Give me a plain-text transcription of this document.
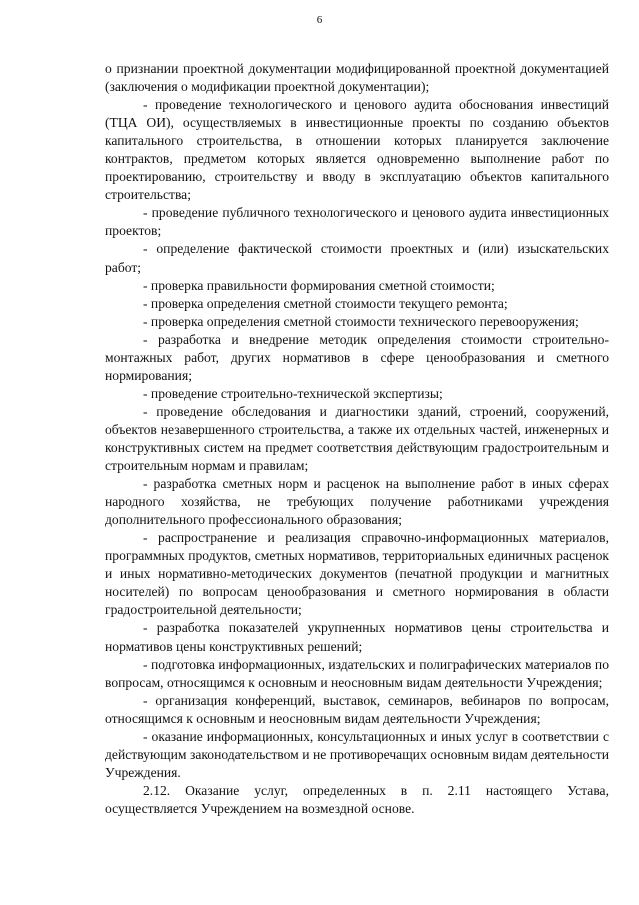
6

о признании проектной документации модифицированной проектной документацией (заключения о модификации проектной документации);

- проведение технологического и ценового аудита обоснования инвестиций (ТЦА ОИ), осуществляемых в инвестиционные проекты по созданию объектов капитального строительства, в отношении которых планируется заключение контрактов, предметом которых является одновременно выполнение работ по проектированию, строительству и вводу в эксплуатацию объектов капитального строительства;

- проведение публичного технологического и ценового аудита инвестиционных проектов;

- определение фактической стоимости проектных и (или) изыскательских работ;

- проверка правильности формирования сметной стоимости;

- проверка определения сметной стоимости текущего ремонта;

- проверка определения сметной стоимости технического перевооружения;

- разработка и внедрение методик определения стоимости строительно-монтажных работ, других нормативов в сфере ценообразования и сметного нормирования;

- проведение строительно-технической экспертизы;

- проведение обследования и диагностики зданий, строений, сооружений, объектов незавершенного строительства, а также их отдельных частей, инженерных и конструктивных систем на предмет соответствия действующим градостроительным и строительным нормам и правилам;

- разработка сметных норм и расценок на выполнение работ в иных сферах народного хозяйства, не требующих получение работниками учреждения дополнительного профессионального образования;

- распространение и реализация справочно-информационных материалов, программных продуктов, сметных нормативов, территориальных единичных расценок и иных нормативно-методических документов (печатной продукции и магнитных носителей) по вопросам ценообразования и сметного нормирования в области градостроительной деятельности;

- разработка показателей укрупненных нормативов цены строительства и нормативов цены конструктивных решений;

- подготовка информационных, издательских и полиграфических материалов по вопросам, относящимся к основным и неосновным видам деятельности Учреждения;

- организация конференций, выставок, семинаров, вебинаров по вопросам, относящимся к основным и неосновным видам деятельности Учреждения;

- оказание информационных, консультационных и иных услуг в соответствии с действующим законодательством и не противоречащих основным видам деятельности Учреждения.

2.12. Оказание услуг, определенных в п. 2.11 настоящего Устава, осуществляется Учреждением на возмездной основе.
